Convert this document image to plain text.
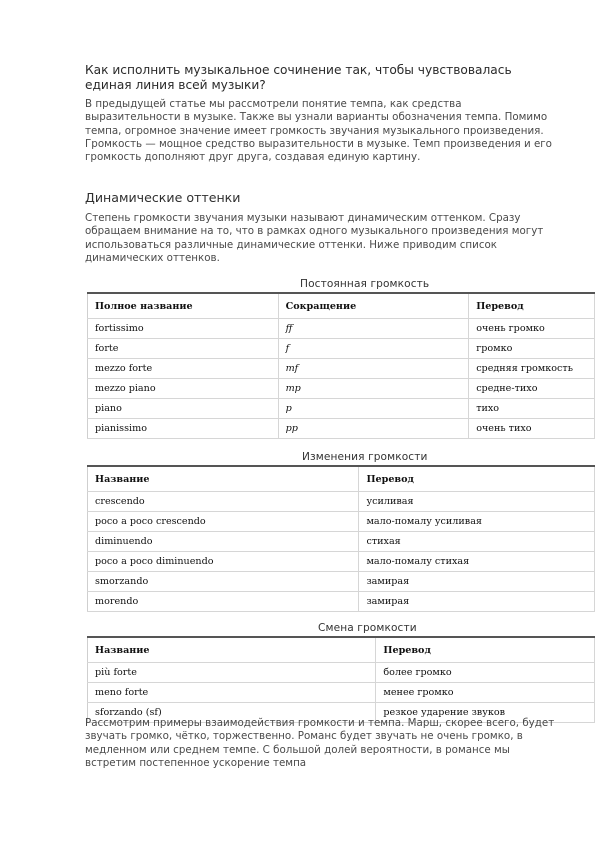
Как исполнить музыкальное сочинение так, чтобы чувствовалась единая линия всей музыки?
В предыдущей статье мы рассмотрели понятие темпа, как средства выразительности в музыке. Также вы узнали варианты обозначения темпа. Помимо темпа, огромное значение имеет громкость звучания музыкального произведения. Громкость — мощное средство выразительности в музыке. Темп произведения и его громкость дополняют друг друга, создавая единую картину.
Динамические оттенки
Степень громкости звучания музыки называют динамическим оттенком. Сразу обращаем внимание на то, что в рамках одного музыкального произведения могут использоваться различные динамические оттенки. Ниже приводим список динамических оттенков.
Постоянная громкость
Полное название	Сокращение	Перевод
fortissimo	ff	очень громко
forte	f	громко
mezzo forte	mf	средняя громкость
mezzo piano	mp	средне-тихо
piano	p	тихо
pianissimo	pp	очень тихо
Изменения громкости
Название	Перевод
crescendo	усиливая
poco a poco crescendo	мало-помалу усиливая
diminuendo	стихая
poco a poco diminuendo	мало-помалу стихая
smorzando	замирая
morendo	замирая
Смена громкости
Название	Перевод
più forte	более громко
meno forte	менее громко
sforzando (sf)	резкое ударение звуков
Рассмотрим примеры взаимодействия громкости и темпа. Марш, скорее всего, будет звучать громко, чётко, торжественно. Романс будет звучать не очень громко, в медленном или среднем темпе. С большой долей вероятности, в романсе мы встретим постепенное ускорение темпа
